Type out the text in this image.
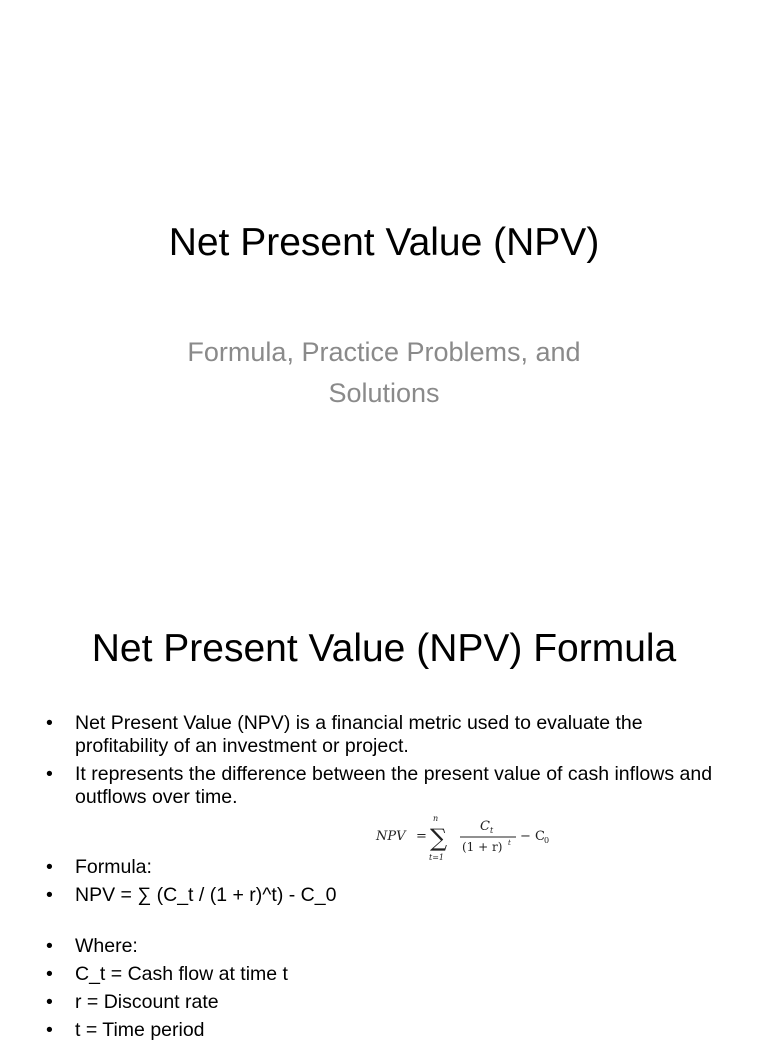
Net Present Value (NPV)
Formula, Practice Problems, and
Solutions
Net Present Value (NPV) Formula
• Net Present Value (NPV) is a financial metric used to evaluate the profitability of an investment or project.
• It represents the difference between the present value of cash inflows and outflows over time.
• Formula:
• NPV = ∑ (C_t / (1 + r)^t) - C_0
• Where:
• C_t = Cash flow at time t
• r = Discount rate
• t = Time period
NPV =
n
∑
t=1
C t
(1 + r) t − C 0
